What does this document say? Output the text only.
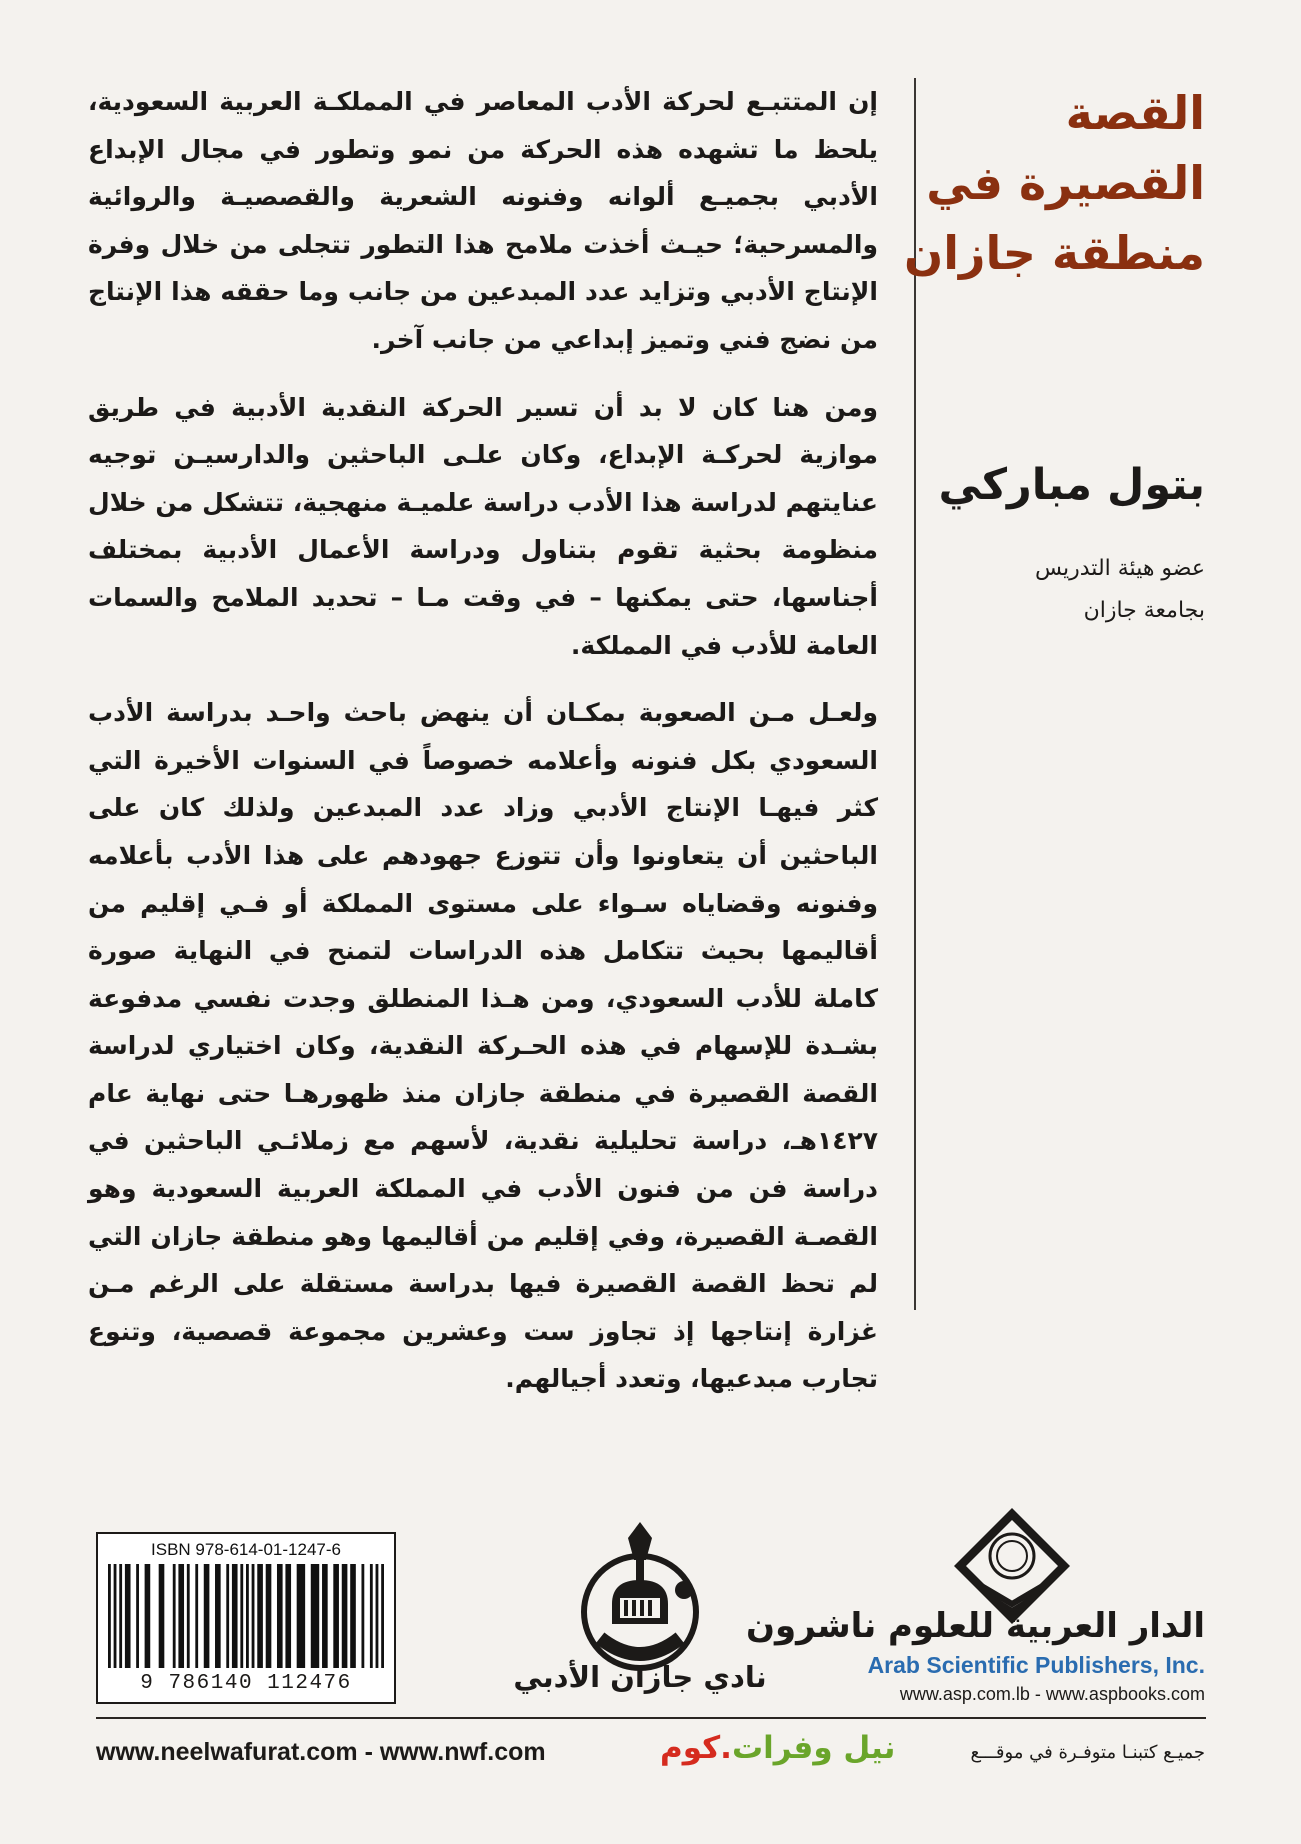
إن المتتبـع لحركة الأدب المعاصر في المملكـة العربية السعودية، يلحظ ما تشهده هذه الحركة من نمو وتطور في مجال الإبداع الأدبي بجميـع ألوانه وفنونه الشعرية والقصصيـة والروائية والمسرحية؛ حيـث أخذت ملامح هذا التطور تتجلى من خلال وفرة الإنتاج الأدبي وتزايد عدد المبدعين من جانب وما حققه هذا الإنتاج من نضج فني وتميز إبداعي من جانب آخر.

ومن هنا كان لا بد أن تسير الحركة النقدية الأدبية في طريق موازية لحركـة الإبداع، وكان علـى الباحثين والدارسيـن توجيه عنايتهم لدراسة هذا الأدب دراسة علميـة منهجية، تتشكل من خلال منظومة بحثية تقوم بتناول ودراسة الأعمال الأدبية بمختلف أجناسها، حتى يمكنها – في وقت مـا – تحديد الملامح والسمات العامة للأدب في المملكة.

ولعـل مـن الصعوبة بمكـان أن ينهض باحث واحـد بدراسة الأدب السعودي بكل فنونه وأعلامه خصوصاً في السنوات الأخيرة التي كثر فيهـا الإنتاج الأدبي وزاد عدد المبدعين ولذلك كان على الباحثين أن يتعاونوا وأن تتوزع جهودهم على هذا الأدب بأعلامه وفنونه وقضاياه سـواء على مستوى المملكة أو فـي إقليم من أقاليمها بحيث تتكامل هذه الدراسات لتمنح في النهاية صورة كاملة للأدب السعودي، ومن هـذا المنطلق وجدت نفسي مدفوعة بشـدة للإسهام في هذه الحـركة النقدية، وكان اختياري لدراسة القصة القصيرة في منطقة جازان منذ ظهورهـا حتى نهاية عام ١٤٢٧هـ، دراسة تحليلية نقدية، لأسهم مع زملائـي الباحثين في دراسة فن من فنون الأدب في المملكة العربية السعودية وهو القصـة القصيرة، وفي إقليم من أقاليمها وهو منطقة جازان التي لم تحظ القصة القصيرة فيها بدراسة مستقلة على الرغم مـن غزارة إنتاجها إذ تجاوز ست وعشرين مجموعة قصصية، وتنوع تجارب مبدعيها، وتعدد أجيالهم.

القصة
القصيرة في
منطقة جازان
بتول مباركي
عضو هيئة التدريس
بجامعة جازان
ISBN 978-614-01-1247-6
9 786140 112476	نادي جازان الأدبي
الدار العربية للعلوم ناشرون
Arab Scientific Publishers, Inc.
www.asp.com.lb - www.aspbooks.com
www.neelwafurat.com - www.nwf.com	نيل وفرات.كوم	جميـع كتبنـا متوفـرة في موقـــع
